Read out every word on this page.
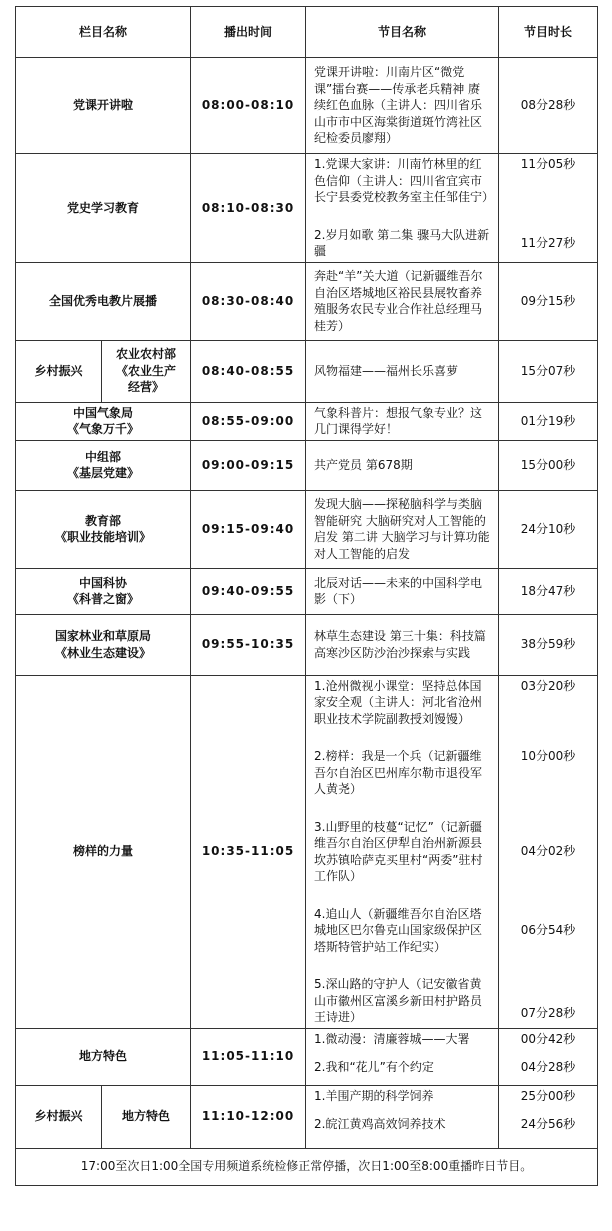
栏目名称		播出时间	节目名称	节目时长
党课开讲啦		08:00-08:10	党课开讲啦：川南片区“微党课”擂台赛——传承老兵精神 赓续红色血脉（主讲人：四川省乐山市市中区海棠街道斑竹湾社区纪检委员廖翔）	08分28秒
党史学习教育		08:10-08:30	1.党课大家讲：川南竹林里的红色信仰（主讲人：四川省宜宾市长宁县委党校教务室主任邹佳宁）	11分05秒

			2.岁月如歌 第二集 骤马大队进新疆	11分27秒
全国优秀电教片展播		08:30-08:40	奔赴“羊”关大道（记新疆维吾尔自治区塔城地区裕民县展牧畜养殖服务农民专业合作社总经理马桂芳）	09分15秒
乡村振兴	农业农村部
《农业生产
经营》	08:40-08:55	风物福建——福州长乐喜萝	15分07秒

中国气象局
《气象万千》		08:55-09:00	气象科普片：想报气象专业？这几门课得学好！	01分19秒

中组部
《基层党建》		09:00-09:15	共产党员 第678期	15分00秒

教育部
《职业技能培训》		09:15-09:40	发现大脑——探秘脑科学与类脑智能研究 大脑研究对人工智能的启发 第二讲 大脑学习与计算功能对人工智能的启发	24分10秒

中国科协
《科普之窗》		09:40-09:55	北辰对话——未来的中国科学电影（下）	18分47秒

国家林业和草原局
《林业生态建设》		09:55-10:35	林草生态建设 第三十集：科技篇 高寒沙区防沙治沙探索与实践	38分59秒
榜样的力量		10:35-11:05	1.沧州微视小课堂：坚持总体国家安全观（主讲人：河北省沧州职业技术学院副教授刘馒馒）	03分20秒

			2.榜样：我是一个兵（记新疆维吾尔自治区巴州库尔勒市退役军人黄尧）	10分00秒

			3.山野里的枝蔓“记忆”（记新疆维吾尔自治区伊犁自治州新源县坎苏镇哈萨克买里村“两委”驻村工作队）	04分02秒

			4.追山人（新疆维吾尔自治区塔城地区巴尔鲁克山国家级保护区塔斯特管护站工作纪实）	06分54秒

			5.深山路的守护人（记安徽省黄山市徽州区富溪乡新田村护路员王诗进）	07分28秒
地方特色		11:05-11:10	1.微动漫：清廉蓉城——大署	00分42秒

			2.我和“花儿”有个约定	04分28秒
乡村振兴	地方特色	11:10-12:00	1.羊围产期的科学饲养	25分00秒

			2.皖江黄鸡高效饲养技术	24分56秒
17:00至次日1:00全国专用频道系统检修正常停播，次日1:00至8:00重播昨日节目。				
